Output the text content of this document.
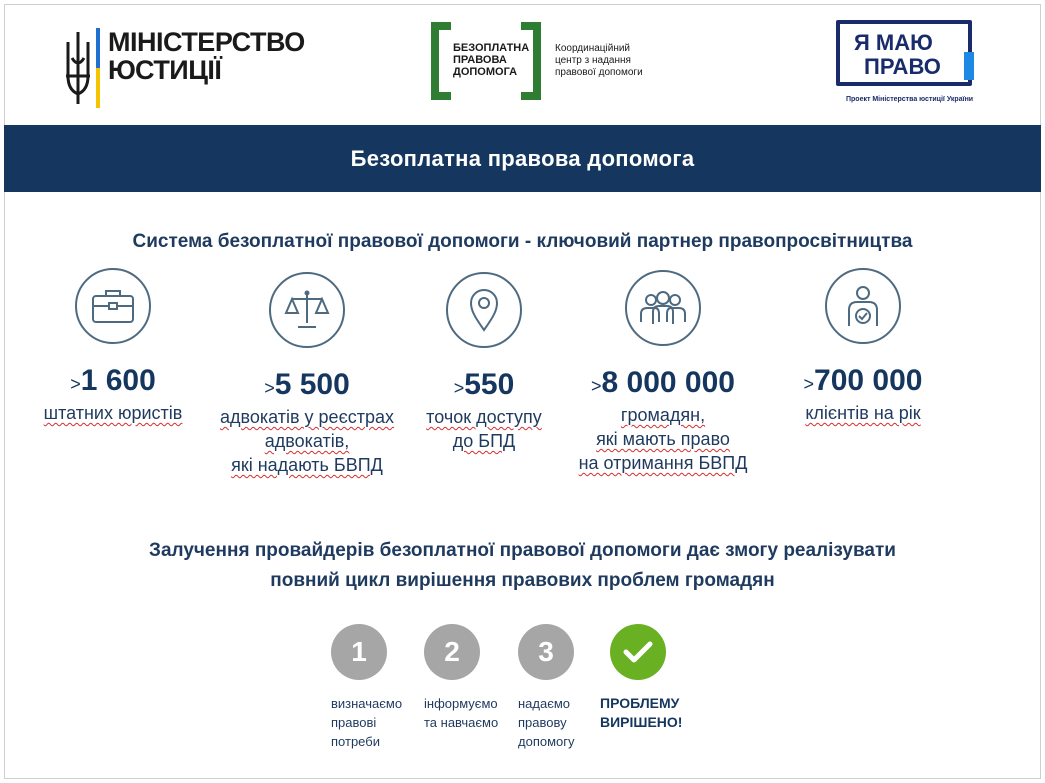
МІНІСТЕРСТВО
ЮСТИЦІЇ
БЕЗОПЛАТНА
ПРАВОВА
ДОПОМОГА
Координаційний
центр з надання
правової допомоги
Я МАЮ
ПРАВО
Проект Міністерства юстиції України
Безоплатна правова допомога
Система безоплатної правової допомоги - ключовий партнер правопросвітництва
>1 600
штатних юристів
>5 500
адвокатів у реєстрах
адвокатів,
які надають БВПД
>550
точок доступу
до БПД
>8 000 000
громадян,
які мають право
на отримання БВПД
>700 000
клієнтів на рік
Залучення провайдерів безоплатної правової допомоги дає змогу реалізувати
повний цикл вирішення правових проблем громадян
1
визначаємо
правові
потреби
2
інформуємо
та навчаємо
3
надаємо
правову
допомогу
ПРОБЛЕМУ
ВИРІШЕНО!
